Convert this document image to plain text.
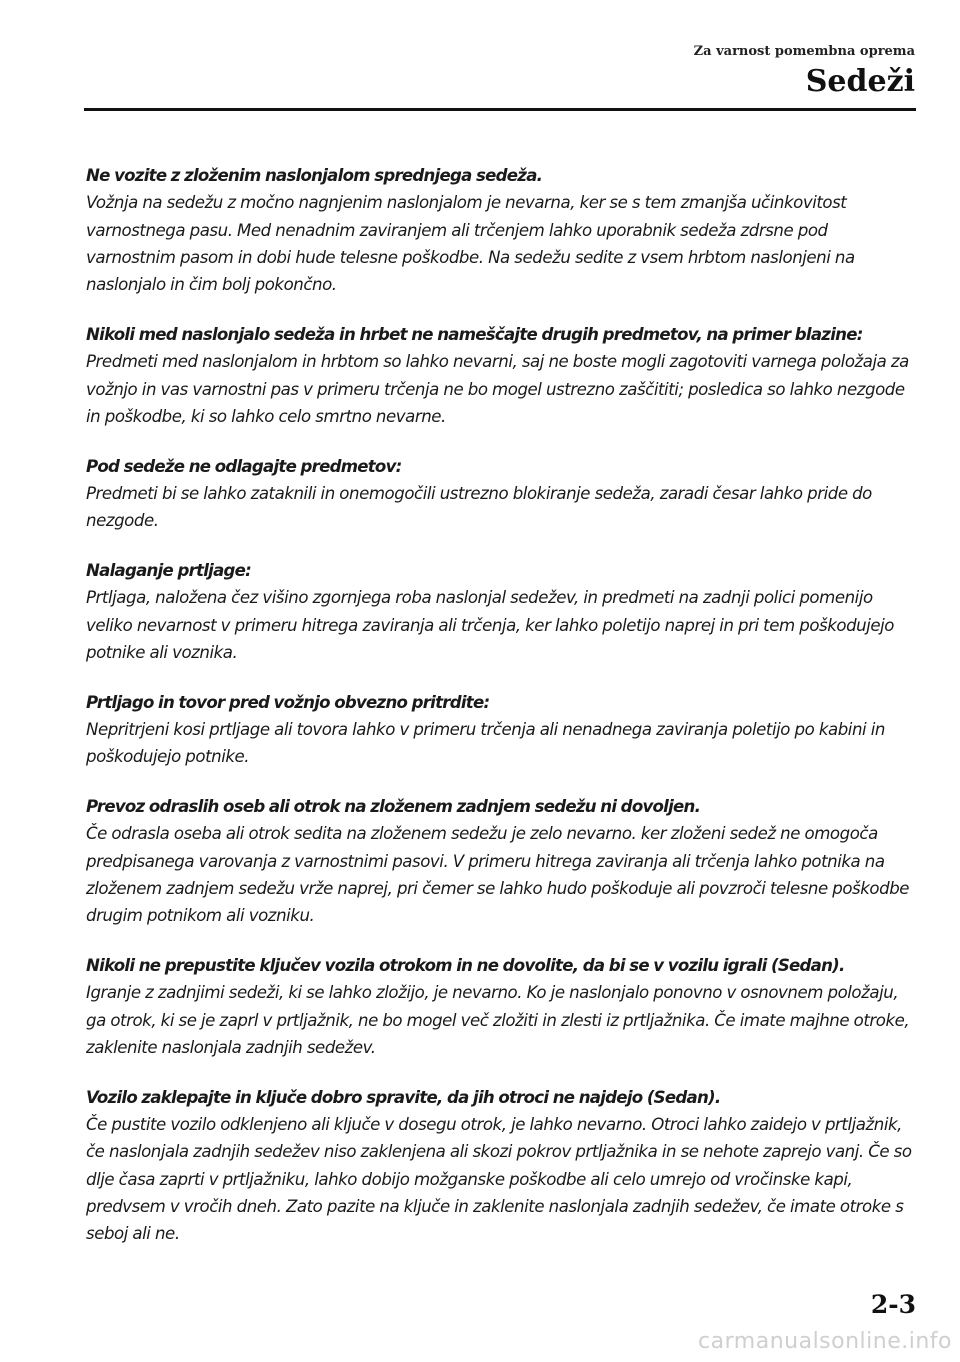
Za varnost pomembna oprema
Sedeži
Ne vozite z zloženim naslonjalom sprednjega sedeža.
Vožnja na sedežu z močno nagnjenim naslonjalom je nevarna, ker se s tem zmanjša učinkovitost varnostnega pasu. Med nenadnim zaviranjem ali trčenjem lahko uporabnik sedeža zdrsne pod varnostnim pasom in dobi hude telesne poškodbe. Na sedežu sedite z vsem hrbtom naslonjeni na naslonjalo in čim bolj pokončno.
Nikoli med naslonjalo sedeža in hrbet ne nameščajte drugih predmetov, na primer blazine:
Predmeti med naslonjalom in hrbtom so lahko nevarni, saj ne boste mogli zagotoviti varnega položaja za vožnjo in vas varnostni pas v primeru trčenja ne bo mogel ustrezno zaščititi; posledica so lahko nezgode in poškodbe, ki so lahko celo smrtno nevarne.
Pod sedeže ne odlagajte predmetov:
Predmeti bi se lahko zataknili in onemogočili ustrezno blokiranje sedeža, zaradi česar lahko pride do nezgode.
Nalaganje prtljage:
Prtljaga, naložena čez višino zgornjega roba naslonjal sedežev, in predmeti na zadnji polici pomenijo veliko nevarnost v primeru hitrega zaviranja ali trčenja, ker lahko poletijo naprej in pri tem poškodujejo potnike ali voznika.
Prtljago in tovor pred vožnjo obvezno pritrdite:
Nepritrjeni kosi prtljage ali tovora lahko v primeru trčenja ali nenadnega zaviranja poletijo po kabini in poškodujejo potnike.
Prevoz odraslih oseb ali otrok na zloženem zadnjem sedežu ni dovoljen.
Če odrasla oseba ali otrok sedita na zloženem sedežu je zelo nevarno. ker zloženi sedež ne omogoča predpisanega varovanja z varnostnimi pasovi. V primeru hitrega zaviranja ali trčenja lahko potnika na zloženem zadnjem sedežu vrže naprej, pri čemer se lahko hudo poškoduje ali povzroči telesne poškodbe drugim potnikom ali vozniku.
Nikoli ne prepustite ključev vozila otrokom in ne dovolite, da bi se v vozilu igrali (Sedan).
Igranje z zadnjimi sedeži, ki se lahko zložijo, je nevarno. Ko je naslonjalo ponovno v osnovnem položaju, ga otrok, ki se je zaprl v prtljažnik, ne bo mogel več zložiti in zlesti iz prtljažnika. Če imate majhne otroke, zaklenite naslonjala zadnjih sedežev.
Vozilo zaklepajte in ključe dobro spravite, da jih otroci ne najdejo (Sedan).
Če pustite vozilo odklenjeno ali ključe v dosegu otrok, je lahko nevarno. Otroci lahko zaidejo v prtljažnik, če naslonjala zadnjih sedežev niso zaklenjena ali skozi pokrov prtljažnika in se nehote zaprejo vanj. Če so dlje časa zaprti v prtljažniku, lahko dobijo možganske poškodbe ali celo umrejo od vročinske kapi, predvsem v vročih dneh. Zato pazite na ključe in zaklenite naslonjala zadnjih sedežev, če imate otroke s seboj ali ne.
2-3
carmanualsonline.info
